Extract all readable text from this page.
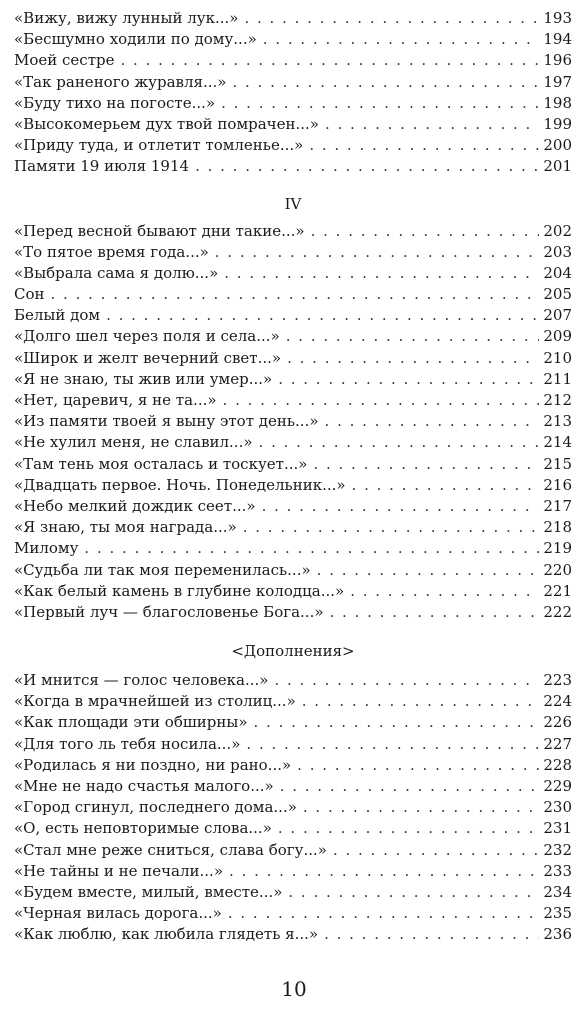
«Вижу, вижу лунный лук...» . . .	193
«Бесшумно ходили по дому...» . . .	194
Моей сестре . . .	196
«Так раненого журавля...» . . .	197
«Буду тихо на погосте...» . . .	198
«Высокомерьем дух твой помрачен...» . . .	199
«Приду туда, и отлетит томленье...» . . .	200
Памяти 19 июля 1914 . . .	201
IV
«Перед весной бывают дни такие...» . . .	202
«То пятое время года...» . . .	203
«Выбрала сама я долю...» . . .	204
Сон . . .	205
Белый дом . . .	207
«Долго шел через поля и села...» . . .	209
«Широк и желт вечерний свет...» . . .	210
«Я не знаю, ты жив или умер...» . . .	211
«Нет, царевич, я не та...» . . .	212
«Из памяти твоей я выну этот день...» . . .	213
«Не хулил меня, не славил...» . . .	214
«Там тень моя осталась и тоскует...» . . .	215
«Двадцать первое. Ночь. Понедельник...» . . .	216
«Небо мелкий дождик сеет...» . . .	217
«Я знаю, ты моя награда...» . . .	218
Милому . . .	219
«Судьба ли так моя переменилась...» . . .	220
«Как белый камень в глубине колодца...» . . .	221
«Первый луч — благословенье Бога...» . . .	222
<Дополнения>
«И мнится — голос человека...» . . .	223
«Когда в мрачнейшей из столиц...» . . .	224
«Как площади эти обширны» . . .	226
«Для того ль тебя носила...» . . .	227
«Родилась я ни поздно, ни рано...» . . .	228
«Мне не надо счастья малого...» . . .	229
«Город сгинул, последнего дома...» . . .	230
«О, есть неповторимые слова...» . . .	231
«Стал мне реже сниться, слава богу...» . . .	232
«Не тайны и не печали...» . . .	233
«Будем вместе, милый, вместе...» . . .	234
«Черная вилась дорога...» . . .	235
«Как люблю, как любила глядеть я...» . . .	236
10
